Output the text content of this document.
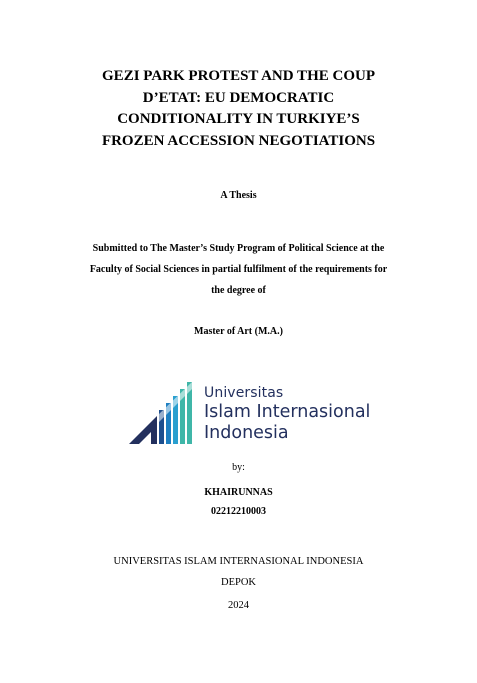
GEZI PARK PROTEST AND THE COUP
D’ETAT: EU DEMOCRATIC
CONDITIONALITY IN TURKIYE’S
FROZEN ACCESSION NEGOTIATIONS
A Thesis
Submitted to The Master’s Study Program of Political Science at the
Faculty of Social Sciences in partial fulfilment of the requirements for
the degree of
Master of Art (M.A.)
Universitas
Islam Internasional
Indonesia
by:
KHAIRUNNAS
02212210003
UNIVERSITAS ISLAM INTERNASIONAL INDONESIA
DEPOK
2024
